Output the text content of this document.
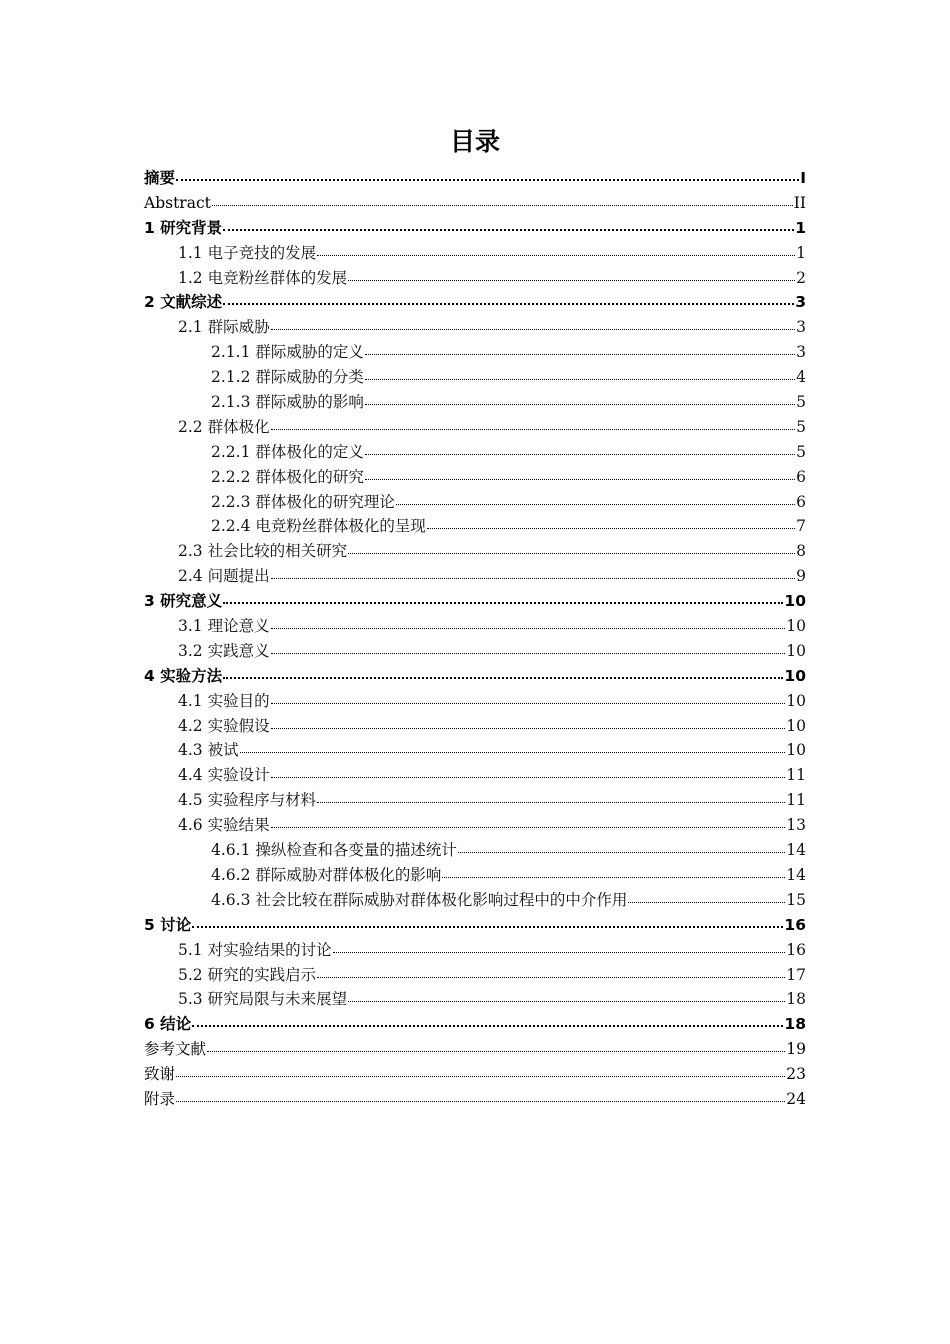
目录
摘要	I
Abstract	II
1 研究背景	1
1.1 电子竞技的发展	1
1.2 电竞粉丝群体的发展	2
2 文献综述	3
2.1 群际威胁	3
2.1.1 群际威胁的定义	3
2.1.2 群际威胁的分类	4
2.1.3 群际威胁的影响	5
2.2 群体极化	5
2.2.1 群体极化的定义	5
2.2.2 群体极化的研究	6
2.2.3 群体极化的研究理论	6
2.2.4 电竞粉丝群体极化的呈现	7
2.3 社会比较的相关研究	8
2.4 问题提出	9
3 研究意义	10
3.1 理论意义	10
3.2 实践意义	10
4 实验方法	10
4.1 实验目的	10
4.2 实验假设	10
4.3 被试	10
4.4 实验设计	11
4.5 实验程序与材料	11
4.6 实验结果	13
4.6.1 操纵检查和各变量的描述统计	14
4.6.2 群际威胁对群体极化的影响	14
4.6.3 社会比较在群际威胁对群体极化影响过程中的中介作用	15
5 讨论	16
5.1 对实验结果的讨论	16
5.2 研究的实践启示	17
5.3 研究局限与未来展望	18
6 结论	18
参考文献	19
致谢	23
附录	24
